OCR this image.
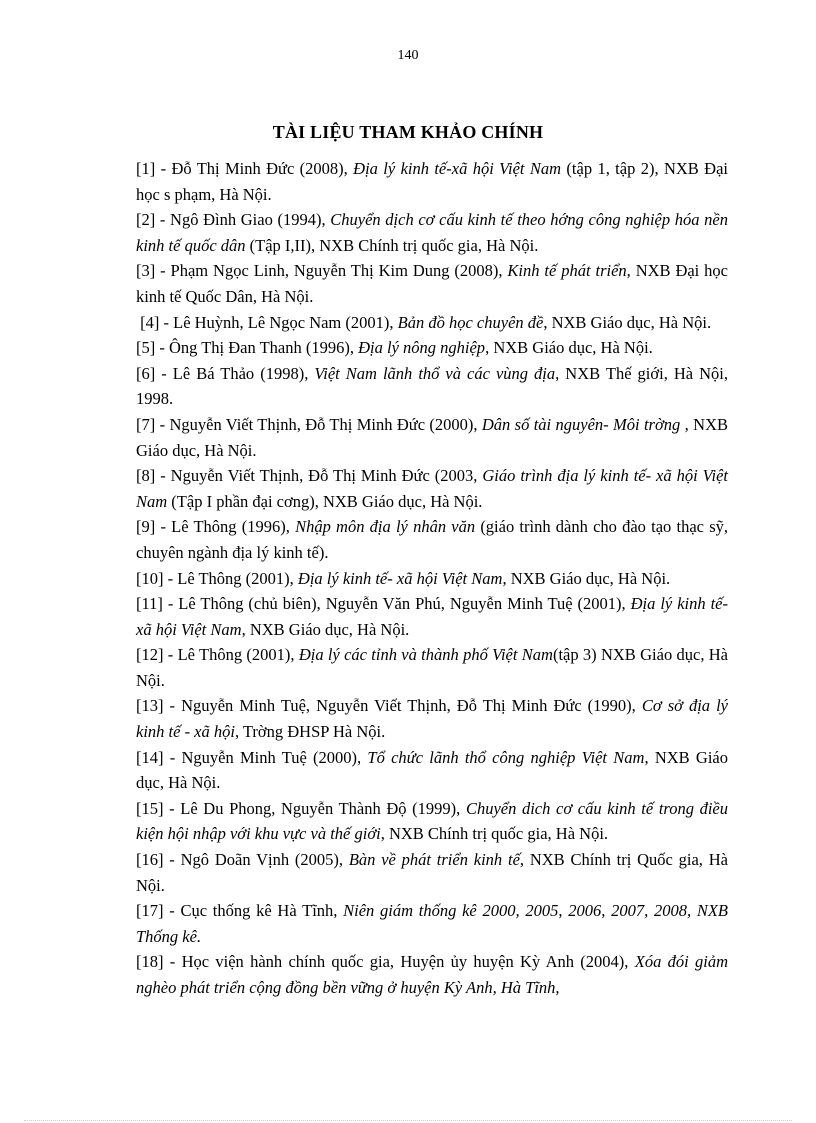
140
TÀI LIỆU THAM KHẢO CHÍNH

[1] - Đỗ Thị Minh Đức (2008), Địa lý kinh tế-xã hội Việt Nam (tập 1, tập 2), NXB Đại học s phạm, Hà Nội.

[2] - Ngô Đình Giao (1994), Chuyển dịch cơ cấu kinh tế theo hớng công nghiệp hóa nền kinh tế quốc dân (Tập I,II), NXB Chính trị quốc gia, Hà Nội.

[3] - Phạm Ngọc Linh, Nguyễn Thị Kim Dung (2008), Kinh tế phát triển, NXB Đại học kinh tế Quốc Dân, Hà Nội.

[4] - Lê Huỳnh, Lê Ngọc Nam (2001), Bản đồ học chuyên đề, NXB Giáo dục, Hà Nội.

[5] - Ông Thị Đan Thanh (1996), Địa lý nông nghiệp, NXB Giáo dục, Hà Nội.

[6] - Lê Bá Thảo (1998), Việt Nam lãnh thổ và các vùng địa, NXB Thế giới, Hà Nội, 1998.

[7] - Nguyễn Viết Thịnh, Đỗ Thị Minh Đức (2000), Dân số tài nguyên- Môi trờng , NXB Giáo dục, Hà Nội.

[8] - Nguyễn Viết Thịnh, Đỗ Thị Minh Đức (2003, Giáo trình địa lý kinh tế- xã hội Việt Nam (Tập I phần đại cơng), NXB Giáo dục, Hà Nội.

[9] - Lê Thông (1996), Nhập môn địa lý nhân văn (giáo trình dành cho đào tạo thạc sỹ, chuyên ngành địa lý kinh tế).

[10] - Lê Thông (2001), Địa lý kinh tế- xã hội Việt Nam, NXB Giáo dục, Hà Nội.

[11] - Lê Thông (chủ biên), Nguyễn Văn Phú, Nguyễn Minh Tuệ (2001), Địa lý kinh tế- xã hội Việt Nam, NXB Giáo dục, Hà Nội.

[12] - Lê Thông (2001), Địa lý các tỉnh và thành phố Việt Nam(tập 3) NXB Giáo dục, Hà Nội.

[13] - Nguyễn Minh Tuệ, Nguyễn Viết Thịnh, Đỗ Thị Minh Đức (1990), Cơ sở địa lý kinh tế - xã hội, Trờng ĐHSP Hà Nội.

[14] - Nguyễn Minh Tuệ (2000), Tổ chức lãnh thổ công nghiệp Việt Nam, NXB Giáo dục, Hà Nội.

[15] - Lê Du Phong, Nguyễn Thành Độ (1999), Chuyển dich cơ cấu kinh tế trong điều kiện hội nhập với khu vực và thế giới, NXB Chính trị quốc gia, Hà Nội.

[16] - Ngô Doãn Vịnh (2005), Bàn về phát triển kinh tế, NXB Chính trị Quốc gia, Hà Nội.

[17] - Cục thống kê Hà Tĩnh, Niên giám thống kê 2000, 2005, 2006, 2007, 2008, NXB Thống kê.

[18] - Học viện hành chính quốc gia, Huyện ủy huyện Kỳ Anh (2004), Xóa đói giảm nghèo phát triển cộng đồng bền vững ở huyện Kỳ Anh, Hà Tĩnh,
